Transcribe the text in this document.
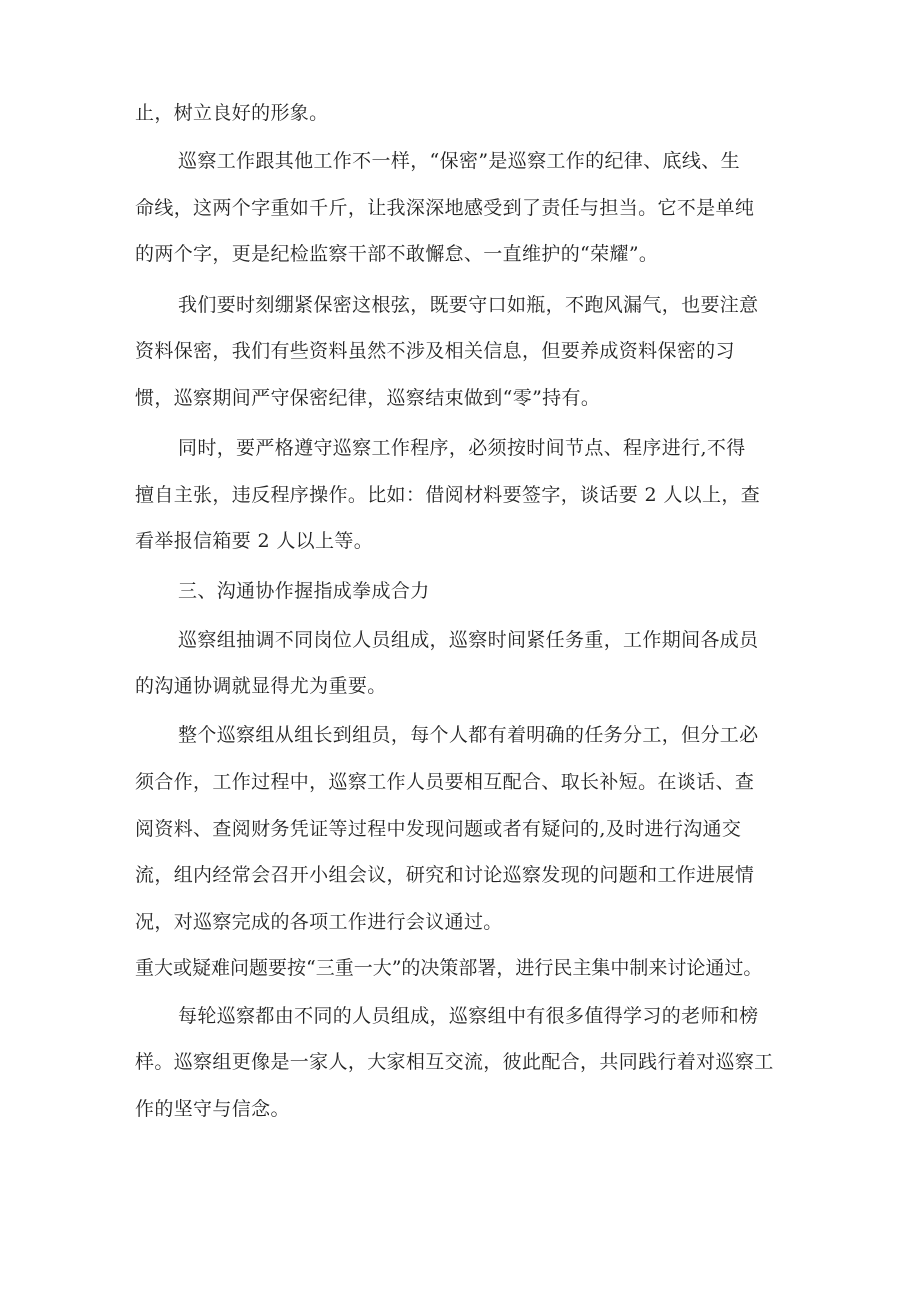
止，树立良好的形象。

巡察工作跟其他工作不一样，“保密”是巡察工作的纪律、底线、生

命线，这两个字重如千斤，让我深深地感受到了责任与担当。它不是单纯

的两个字，更是纪检监察干部不敢懈怠、一直维护的“荣耀”。

我们要时刻绷紧保密这根弦，既要守口如瓶，不跑风漏气，也要注意

资料保密，我们有些资料虽然不涉及相关信息，但要养成资料保密的习

惯，巡察期间严守保密纪律，巡察结束做到“零”持有。

同时，要严格遵守巡察工作程序，必须按时间节点、程序进行,不得

擅自主张，违反程序操作。比如：借阅材料要签字，谈话要 2 人以上，查

看举报信箱要 2 人以上等。

三、沟通协作握指成拳成合力

巡察组抽调不同岗位人员组成，巡察时间紧任务重，工作期间各成员

的沟通协调就显得尤为重要。

整个巡察组从组长到组员，每个人都有着明确的任务分工，但分工必

须合作，工作过程中，巡察工作人员要相互配合、取长补短。在谈话、查

阅资料、查阅财务凭证等过程中发现问题或者有疑问的,及时进行沟通交

流，组内经常会召开小组会议，研究和讨论巡察发现的问题和工作进展情

况，对巡察完成的各项工作进行会议通过。

重大或疑难问题要按“三重一大”的决策部署，进行民主集中制来讨论通过。

每轮巡察都由不同的人员组成，巡察组中有很多值得学习的老师和榜

样。巡察组更像是一家人，大家相互交流，彼此配合，共同践行着对巡察工

作的坚守与信念。
